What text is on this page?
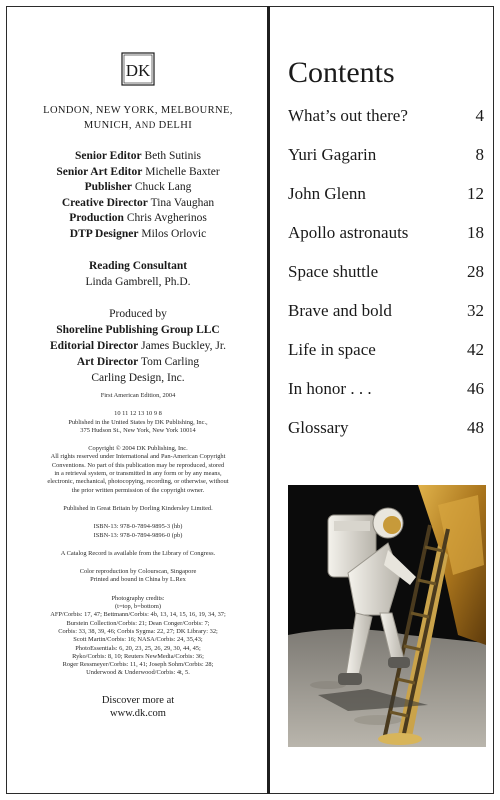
DK
LONDON, NEW YORK, MELBOURNE,
MUNICH, AND DELHI
Senior Editor Beth Sutinis
Senior Art Editor Michelle Baxter
Publisher Chuck Lang
Creative Director Tina Vaughan
Production Chris Avgherinos
DTP Designer Milos Orlovic
Reading Consultant
Linda Gambrell, Ph.D.
Produced by
Shoreline Publishing Group LLC
Editorial Director James Buckley, Jr.
Art Director Tom Carling
Carling Design, Inc.
First American Edition, 2004
10 11 12 13 10 9 8
Published in the United States by DK Publishing, Inc.,
375 Hudson St., New York, New York 10014
Copyright © 2004 DK Publishing, Inc.
All rights reserved under International and Pan-American Copyright
Conventions. No part of this publication may be reproduced, stored
in a retrieval system, or transmitted in any form or by any means,
electronic, mechanical, photocopying, recording, or otherwise, without
the prior written permission of the copyright owner.
Published in Great Britain by Dorling Kindersley Limited.
ISBN-13: 978-0-7894-9895-3 (hb)
ISBN-13: 978-0-7894-9896-0 (pb)
A Catalog Record is available from the Library of Congress.
Color reproduction by Colourscan, Singapore
Printed and bound in China by L.Rex
Photography credits:
(t=top, b=bottom)
AFP/Corbis: 17, 47; Bettmann/Corbis: 4b, 13, 14, 15, 16, 19, 34, 37;
Burstein Collection/Corbis: 21; Dean Conger/Corbis: 7;
Corbis: 33, 38, 39, 46; Corbis Sygma: 22, 27; DK Library: 32;
Scott Martin/Corbis: 16; NASA/Corbis: 24, 35,43;
PhotoEssentials: 6, 20, 23, 25, 26, 29, 30, 44, 45;
Ryko/Corbis: 8, 10; Reuters NewMedia/Corbis: 36;
Roger Ressmeyer/Corbis: 11, 41; Joseph Sohm/Corbis: 28;
Underwood & Underwood/Corbis: 4t, 5.
Discover more at
www.dk.com
Contents
What’s out there?	4
Yuri Gagarin	8
John Glenn	12
Apollo astronauts	18
Space shuttle	28
Brave and bold	32
Life in space	42
In honor . . .	46
Glossary	48
